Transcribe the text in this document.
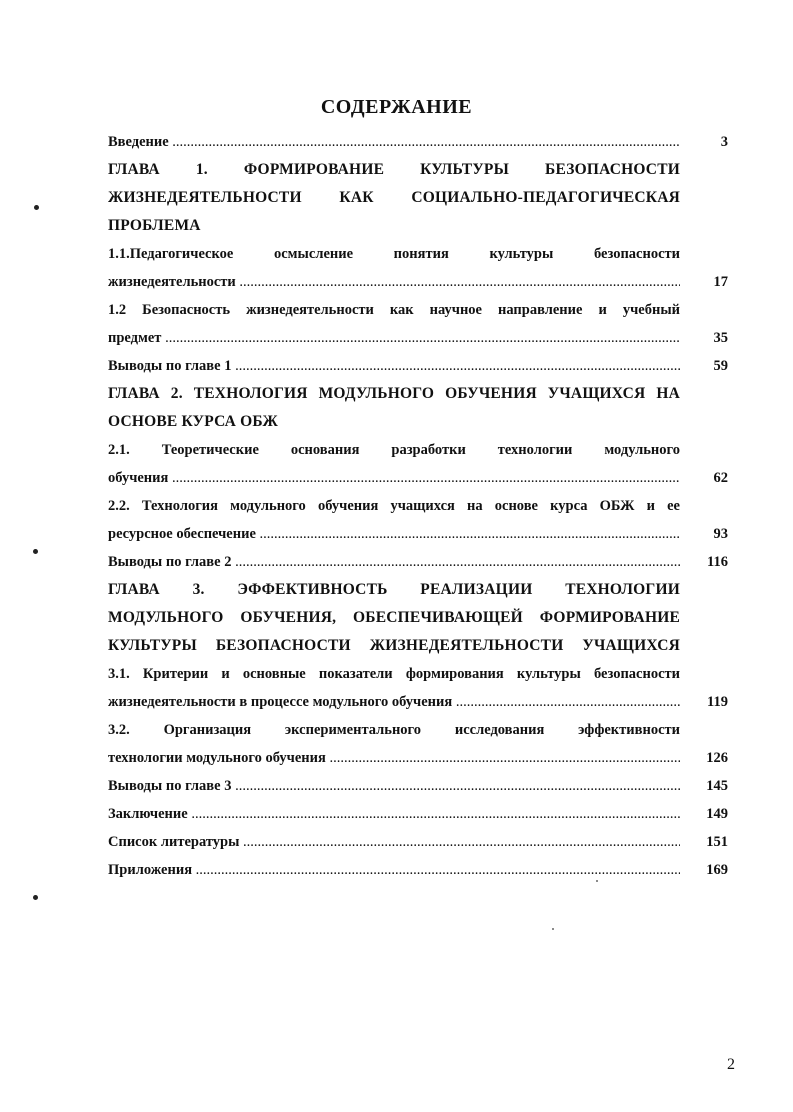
СОДЕРЖАНИЕ
Введение .....	3
ГЛАВА 1. ФОРМИРОВАНИЕ КУЛЬТУРЫ БЕЗОПАСНОСТИ
ЖИЗНЕДЕЯТЕЛЬНОСТИ КАК СОЦИАЛЬНО-ПЕДАГОГИЧЕСКАЯ
ПРОБЛЕМА
1.1.Педагогическое осмысление понятия культуры безопасности
жизнедеятельности .....	17
1.2 Безопасность жизнедеятельности как научное направление и учебный
предмет .....	35
Выводы по главе 1 .....	59
ГЛАВА 2. ТЕХНОЛОГИЯ МОДУЛЬНОГО ОБУЧЕНИЯ УЧАЩИХСЯ НА
ОСНОВЕ КУРСА ОБЖ
2.1. Теоретические основания разработки технологии модульного
обучения .....	62
2.2. Технология модульного обучения учащихся на основе курса ОБЖ и ее
ресурсное обеспечение .....	93
Выводы по главе 2 .....	116
ГЛАВА 3. ЭФФЕКТИВНОСТЬ РЕАЛИЗАЦИИ ТЕХНОЛОГИИ
МОДУЛЬНОГО ОБУЧЕНИЯ, ОБЕСПЕЧИВАЮЩЕЙ ФОРМИРОВАНИЕ
КУЛЬТУРЫ БЕЗОПАСНОСТИ ЖИЗНЕДЕЯТЕЛЬНОСТИ УЧАЩИХСЯ
3.1. Критерии и основные показатели формирования культуры безопасности
жизнедеятельности в процессе модульного обучения .....	119
3.2. Организация экспериментального исследования эффективности
технологии модульного обучения .....	126
Выводы по главе 3 .....	145
Заключение .....	149
Список литературы .....	151
Приложения .....	169
2
